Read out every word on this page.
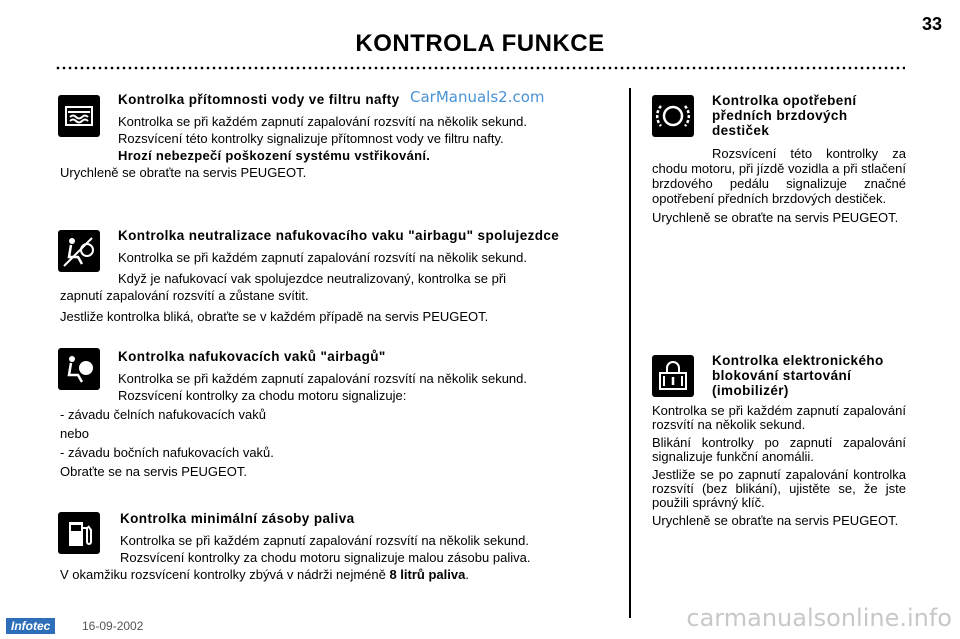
33
KONTROLA FUNKCE
CarManuals2.com

Kontrolka přítomnosti vody ve filtru nafty

Kontrolka se při každém zapnutí zapalování rozsvítí na několik sekund.

Rozsvícení této kontrolky signalizuje přítomnost vody ve filtru nafty.

Hrozí nebezpečí poškození systému vstřikování.

Urychleně se obraťte na servis PEUGEOT.

Kontrolka neutralizace nafukovacího vaku "airbagu" spolujezdce

Kontrolka se při každém zapnutí zapalování rozsvítí na několik sekund.

Když je nafukovací vak spolujezdce neutralizovaný, kontrolka se při

zapnutí zapalování rozsvítí a zůstane svítit.

Jestliže kontrolka bliká, obraťte se v každém případě na servis PEUGEOT.

Kontrolka nafukovacích vaků "airbagů"

Kontrolka se při každém zapnutí zapalování rozsvítí na několik sekund.

Rozsvícení kontrolky za chodu motoru signalizuje:

- závadu čelních nafukovacích vaků

nebo

- závadu bočních nafukovacích vaků.

Obraťte se na servis PEUGEOT.

Kontrolka minimální zásoby paliva

Kontrolka se při každém zapnutí zapalování rozsvítí na několik sekund.

Rozsvícení kontrolky za chodu motoru signalizuje malou zásobu paliva.

V okamžiku rozsvícení kontrolky zbývá v nádrži nejméně 8 litrů paliva.

Kontrolka opotřebení předních brzdových destiček

Rozsvícení této kontrolky za chodu motoru, při jízdě vozidla a při stlačení brzdového pedálu signalizuje značné opotřebení předních brzdových destiček.

Urychleně se obraťte na servis PEUGEOT.

Kontrolka elektronického blokování startování (imobilizér)

Kontrolka se při každém zapnutí zapalování rozsvítí na několik sekund.

Blikání kontrolky po zapnutí zapalování signalizuje funkční anomálii.

Jestliže se po zapnutí zapalování kontrolka rozsvítí (bez blikání), ujistěte se, že jste použili správný klíč.

Urychleně se obraťte na servis PEUGEOT.

Infotec	16-09-2002	carmanualsonline.info
